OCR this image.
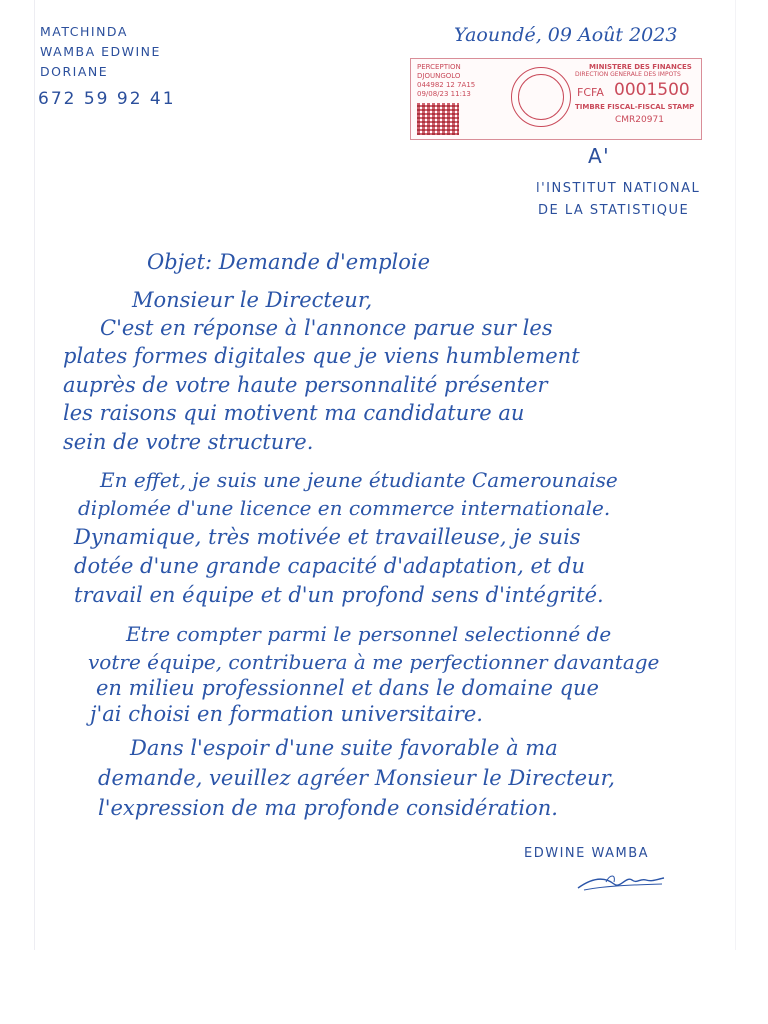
MATCHINDA
WAMBA EDWINE
DORIANE
672 59 92 41
Yaoundé, 09 Août 2023
PERCEPTION
DJOUNGOLO
044982 12 7A15
09/08/23 11:13
MINISTERE DES FINANCES
DIRECTION GENERALE DES IMPOTS
FCFA 0001500
TIMBRE FISCAL-FISCAL STAMP
CMR20971
A'
l'INSTITUT NATIONAL
DE LA STATISTIQUE
Objet: Demande d'emploie
Monsieur le Directeur,
C'est en réponse à l'annonce parue sur les
plates formes digitales que je viens humblement
auprès de votre haute personnalité présenter
les raisons qui motivent ma candidature au
sein de votre structure.
En effet, je suis une jeune étudiante Camerounaise
diplomée d'une licence en commerce internationale.
Dynamique, très motivée et travailleuse, je suis
dotée d'une grande capacité d'adaptation, et du
travail en équipe et d'un profond sens d'intégrité.
Etre compter parmi le personnel selectionné de
votre équipe, contribuera à me perfectionner davantage
en milieu professionnel et dans le domaine que
j'ai choisi en formation universitaire.
Dans l'espoir d'une suite favorable à ma
demande, veuillez agréer Monsieur le Directeur,
l'expression de ma profonde considération.
EDWINE WAMBA
